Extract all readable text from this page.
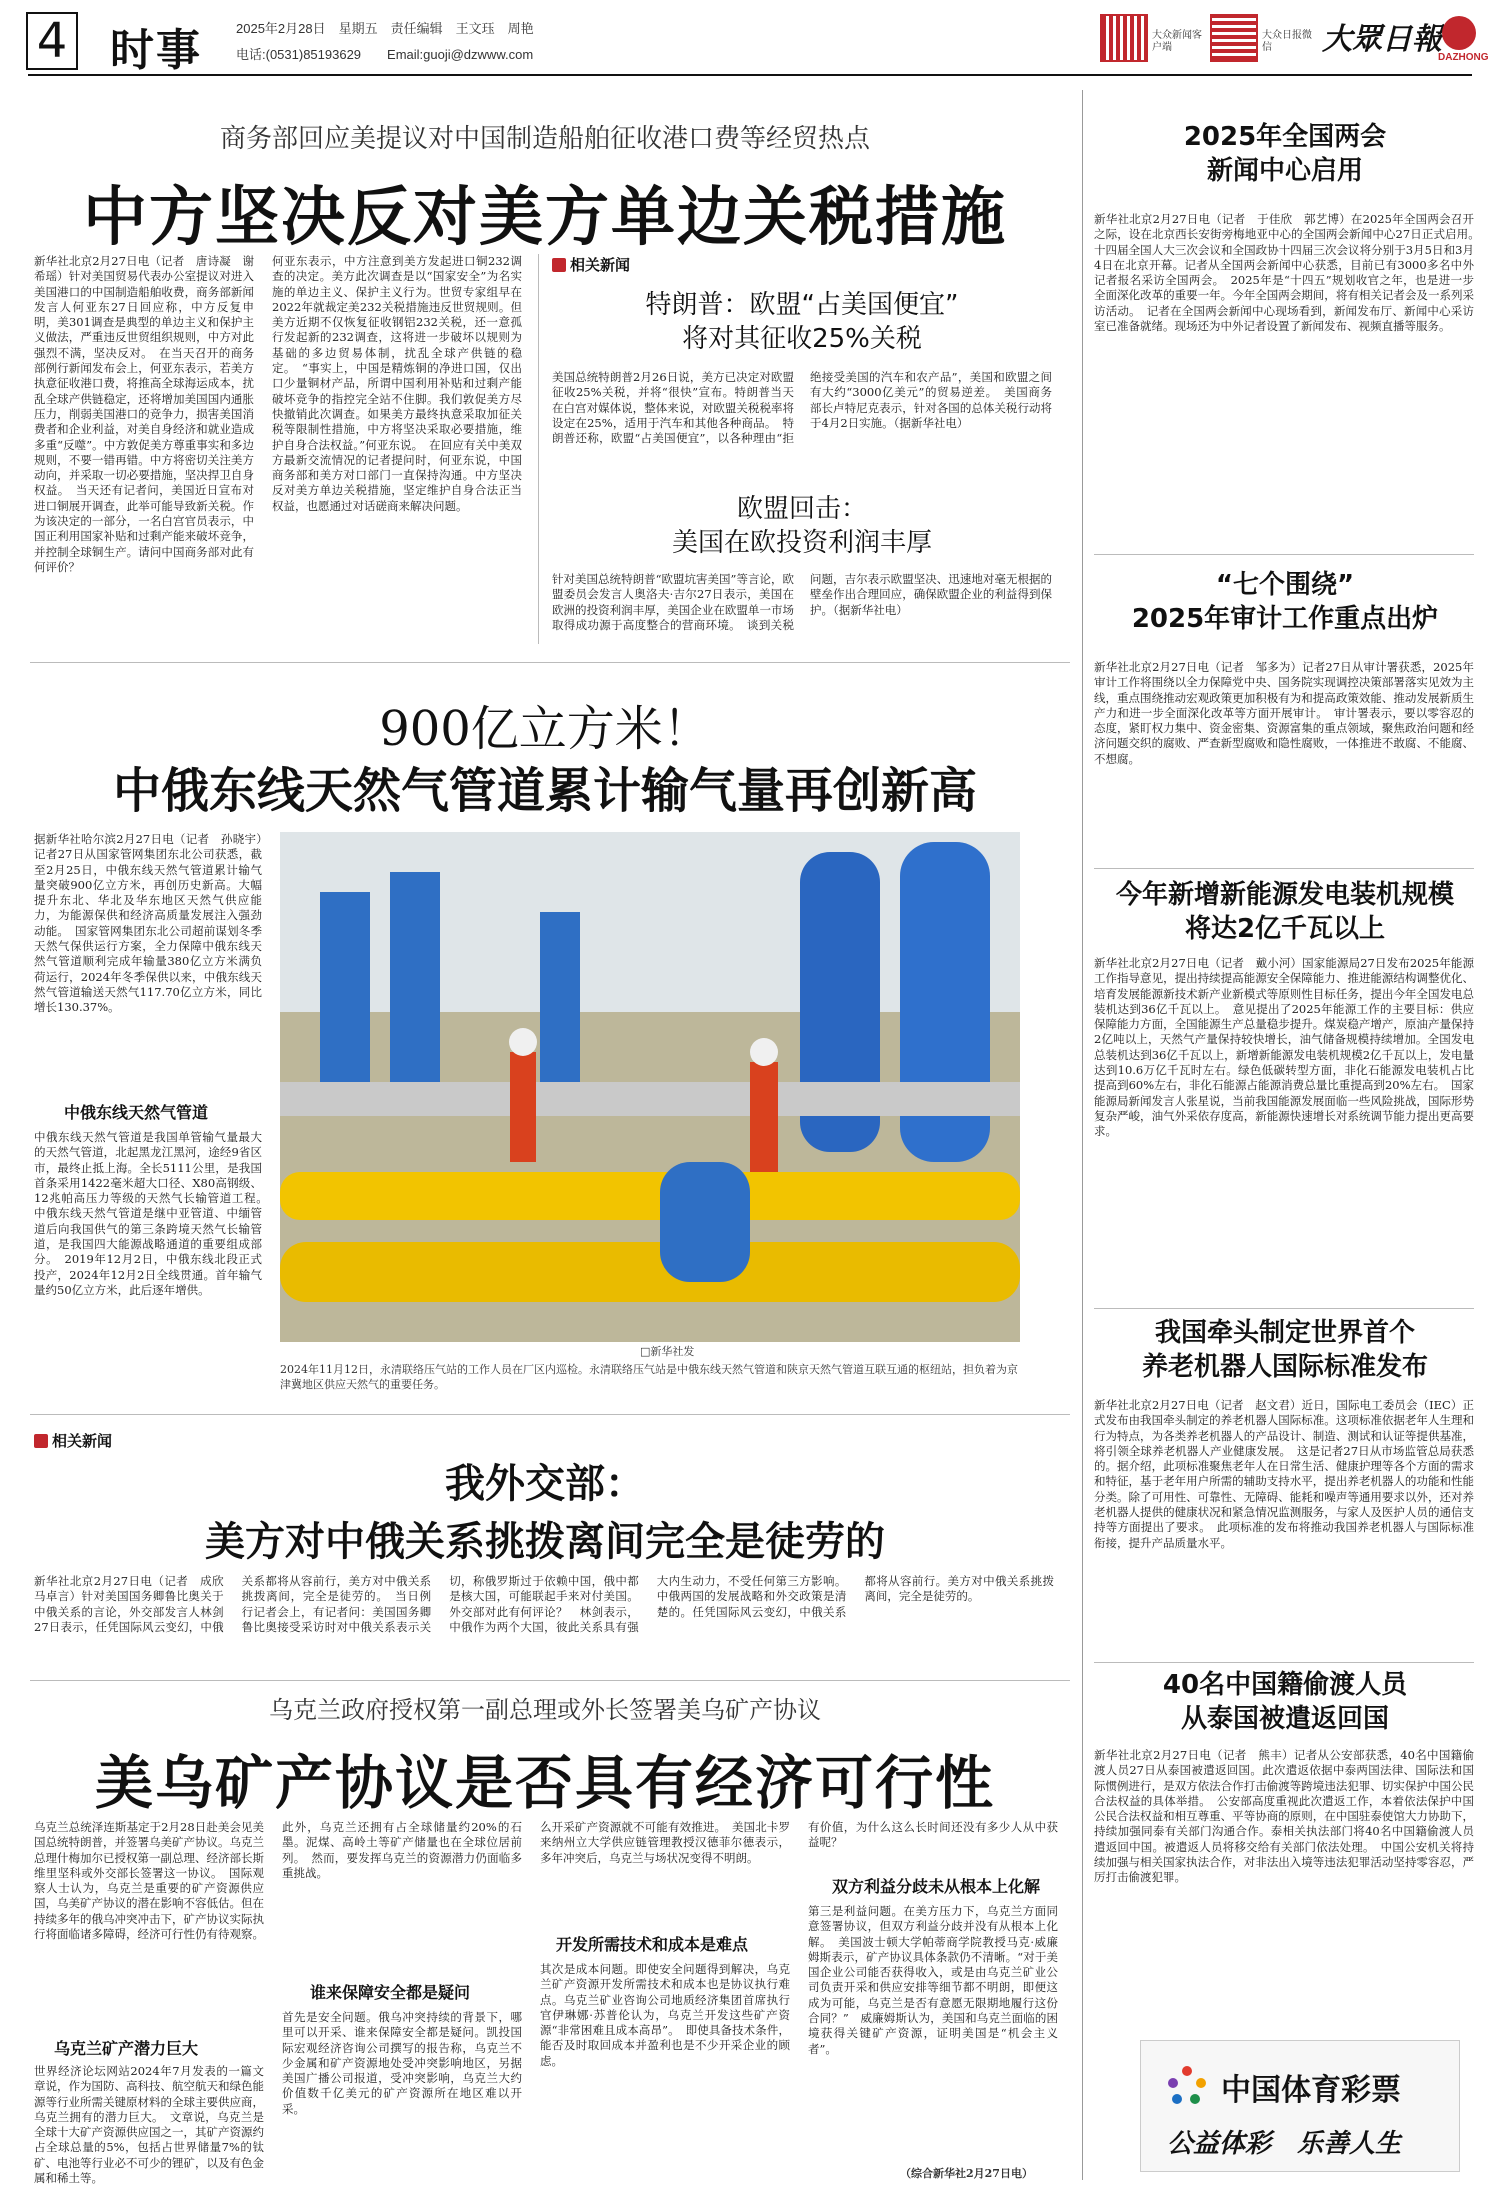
4 时事	2025年2月28日　星期五　责任编辑　王文珏　周艳
电话:(0531)85193629　　Email:guoji@dzwww.com
大众新闻客户端
大众日报微信	大眾日報
DAZHONG
商务部回应美提议对中国制造船舶征收港口费等经贸热点
中方坚决反对美方单边关税措施
新华社北京2月27日电（记者　唐诗凝　谢希瑶）针对美国贸易代表办公室提议对进入美国港口的中国制造船舶收费，商务部新闻发言人何亚东27日回应称，中方反复申明，美301调查是典型的单边主义和保护主义做法，严重违反世贸组织规则，中方对此强烈不满，坚决反对。　在当天召开的商务部例行新闻发布会上，何亚东表示，若美方执意征收港口费，将推高全球海运成本，扰乱全球产供链稳定，还将增加美国国内通胀压力，削弱美国港口的竞争力，损害美国消费者和企业利益，对美自身经济和就业造成多重“反噬”。中方敦促美方尊重事实和多边规则，不要一错再错。中方将密切关注美方动向，并采取一切必要措施，坚决捍卫自身权益。　当天还有记者问，美国近日宣布对进口铜展开调查，此举可能导致新关税。作为该决定的一部分，一名白宫官员表示，中国正利用国家补贴和过剩产能来破坏竞争，并控制全球铜生产。请问中国商务部对此有何评价？
何亚东表示，中方注意到美方发起进口铜232调查的决定。美方此次调查是以“国家安全”为名实施的单边主义、保护主义行为。世贸专家组早在2022年就裁定美232关税措施违反世贸规则。但美方近期不仅恢复征收钢铝232关税，还一意孤行发起新的232调查，这将进一步破坏以规则为基础的多边贸易体制，扰乱全球产供链的稳定。　“事实上，中国是精炼铜的净进口国，仅出口少量铜材产品，所谓中国利用补贴和过剩产能破坏竞争的指控完全站不住脚。我们敦促美方尽快撤销此次调查。如果美方最终执意采取加征关税等限制性措施，中方将坚决采取必要措施，维护自身合法权益。”何亚东说。　在回应有关中美双方最新交流情况的记者提问时，何亚东说，中国商务部和美方对口部门一直保持沟通。中方坚决反对美方单边关税措施，坚定维护自身合法正当权益，也愿通过对话磋商来解决问题。
相关新闻
特朗普：欧盟“占美国便宜”
将对其征收25%关税
美国总统特朗普2月26日说，美方已决定对欧盟征收25%关税，并将“很快”宣布。特朗普当天在白宫对媒体说，整体来说，对欧盟关税税率将设定在25%，适用于汽车和其他各种商品。　特朗普还称，欧盟“占美国便宜”，以各种理由“拒绝接受美国的汽车和农产品”，美国和欧盟之间有大约“3000亿美元”的贸易逆差。　美国商务部长卢特尼克表示，针对各国的总体关税行动将于4月2日实施。（据新华社电）
欧盟回击：
美国在欧投资利润丰厚
针对美国总统特朗普“欧盟坑害美国”等言论，欧盟委员会发言人奥洛夫·吉尔27日表示，美国在欧洲的投资利润丰厚，美国企业在欧盟单一市场取得成功源于高度整合的营商环境。　谈到关税问题，吉尔表示欧盟坚决、迅速地对毫无根据的壁垒作出合理回应，确保欧盟企业的利益得到保护。（据新华社电）
900亿立方米！
中俄东线天然气管道累计输气量再创新高
据新华社哈尔滨2月27日电（记者　孙晓宇）记者27日从国家管网集团东北公司获悉，截至2月25日，中俄东线天然气管道累计输气量突破900亿立方米，再创历史新高。大幅提升东北、华北及华东地区天然气供应能力，为能源保供和经济高质量发展注入强劲动能。　国家管网集团东北公司超前谋划冬季天然气保供运行方案，全力保障中俄东线天然气管道顺利完成年输量380亿立方米满负荷运行，2024年冬季保供以来，中俄东线天然气管道输送天然气117.70亿立方米，同比增长130.37%。
中俄东线天然气管道
中俄东线天然气管道是我国单管输气量最大的天然气管道，北起黑龙江黑河，途经9省区市，最终止抵上海。全长5111公里，是我国首条采用1422毫米超大口径、X80高钢级、12兆帕高压力等级的天然气长输管道工程。　中俄东线天然气管道是继中亚管道、中缅管道后向我国供气的第三条跨境天然气长输管道，是我国四大能源战略通道的重要组成部分。　2019年12月2日，中俄东线北段正式投产，2024年12月2日全线贯通。首年输气量约50亿立方米，此后逐年增供。
□新华社发
2024年11月12日，永清联络压气站的工作人员在厂区内巡检。永清联络压气站是中俄东线天然气管道和陕京天然气管道互联互通的枢纽站，担负着为京津冀地区供应天然气的重要任务。
相关新闻
我外交部：
美方对中俄关系挑拨离间完全是徒劳的
新华社北京2月27日电（记者　成欣　马卓言）针对美国国务卿鲁比奥关于中俄关系的言论，外交部发言人林剑27日表示，任凭国际风云变幻，中俄关系都将从容前行，美方对中俄关系挑拨离间，完全是徒劳的。　当日例行记者会上，有记者问：美国国务卿鲁比奥接受采访时对中俄关系表示关切，称俄罗斯过于依赖中国，俄中都是核大国，可能联起手来对付美国。外交部对此有何评论？　林剑表示，中俄作为两个大国，彼此关系具有强大内生动力，不受任何第三方影响。中俄两国的发展战略和外交政策是清楚的。任凭国际风云变幻，中俄关系都将从容前行。美方对中俄关系挑拨离间，完全是徒劳的。
乌克兰政府授权第一副总理或外长签署美乌矿产协议
美乌矿产协议是否具有经济可行性
乌克兰总统泽连斯基定于2月28日赴美会见美国总统特朗普，并签署乌美矿产协议。乌克兰总理什梅加尔已授权第一副总理、经济部长斯维里坚科或外交部长签署这一协议。　国际观察人士认为，乌克兰是重要的矿产资源供应国，乌美矿产协议的潜在影响不容低估。但在持续多年的俄乌冲突冲击下，矿产协议实际执行将面临诸多障碍，经济可行性仍有待观察。
乌克兰矿产潜力巨大
世界经济论坛网站2024年7月发表的一篇文章说，作为国防、高科技、航空航天和绿色能源等行业所需关键原材料的全球主要供应商，乌克兰拥有的潜力巨大。　文章说，乌克兰是全球十大矿产资源供应国之一，其矿产资源约占全球总量的5%，包括占世界储量7%的钛矿、电池等行业必不可少的锂矿，以及有色金属和稀土等。
此外，乌克兰还拥有占全球储量约20%的石墨。泥煤、高岭土等矿产储量也在全球位居前列。　然而，要发挥乌克兰的资源潜力仍面临多重挑战。
谁来保障安全都是疑问
首先是安全问题。俄乌冲突持续的背景下，哪里可以开采、谁来保障安全都是疑问。凯投国际宏观经济咨询公司撰写的报告称，乌克兰不少金属和矿产资源地处受冲突影响地区，另据美国广播公司报道，受冲突影响，乌克兰大约价值数千亿美元的矿产资源所在地区难以开采。
么开采矿产资源就不可能有效推进。　美国北卡罗来纳州立大学供应链管理教授汉德菲尔德表示，多年冲突后，乌克兰与场状况变得不明朗。
开发所需技术和成本是难点
其次是成本问题。即使安全问题得到解决，乌克兰矿产资源开发所需技术和成本也是协议执行难点。乌克兰矿业咨询公司地质经济集团首席执行官伊琳娜·苏普伦认为，乌克兰开发这些矿产资源“非常困难且成本高昂”。　即使具备技术条件，能否及时取回成本并盈利也是不少开采企业的顾虑。
有价值，为什么这么长时间还没有多少人从中获益呢？
双方利益分歧未从根本上化解
第三是利益问题。在美方压力下，乌克兰方面同意签署协议，但双方利益分歧并没有从根本上化解。　美国波士顿大学帕蒂商学院教授马克·威廉姆斯表示，矿产协议具体条款仍不清晰。“对于美国企业公司能否获得收入，或是由乌克兰矿业公司负责开采和供应安排等细节都不明朗，即便这成为可能，乌克兰是否有意愿无限期地履行这份合同？”　威廉姆斯认为，美国和乌克兰面临的困境获得关键矿产资源，证明美国是“机会主义者”。
（综合新华社2月27日电）
2025年全国两会
新闻中心启用
新华社北京2月27日电（记者　于佳欣　郭艺博）在2025年全国两会召开之际，设在北京西长安街旁梅地亚中心的全国两会新闻中心27日正式启用。　十四届全国人大三次会议和全国政协十四届三次会议将分别于3月5日和3月4日在北京开幕。记者从全国两会新闻中心获悉，目前已有3000多名中外记者报名采访全国两会。　2025年是“十四五”规划收官之年，也是进一步全面深化改革的重要一年。今年全国两会期间，将有相关记者会及一系列采访活动。　记者在全国两会新闻中心现场看到，新闻发布厅、新闻中心采访室已准备就绪。现场还为中外记者设置了新闻发布、视频直播等服务。
“七个围绕”
2025年审计工作重点出炉
新华社北京2月27日电（记者　邹多为）记者27日从审计署获悉，2025年审计工作将围绕以全力保障党中央、国务院实现调控决策部署落实见效为主线，重点围绕推动宏观政策更加积极有为和提高政策效能、推动发展新质生产力和进一步全面深化改革等方面开展审计。　审计署表示，要以零容忍的态度，紧盯权力集中、资金密集、资源富集的重点领域，聚焦政治问题和经济问题交织的腐败、严查新型腐败和隐性腐败，一体推进不敢腐、不能腐、不想腐。
今年新增新能源发电装机规模
将达2亿千瓦以上
新华社北京2月27日电（记者　戴小河）国家能源局27日发布2025年能源工作指导意见，提出持续提高能源安全保障能力、推进能源结构调整优化、培育发展能源新技术新产业新模式等原则性目标任务，提出今年全国发电总装机达到36亿千瓦以上。　意见提出了2025年能源工作的主要目标：供应保障能力方面，全国能源生产总量稳步提升。煤炭稳产增产，原油产量保持2亿吨以上，天然气产量保持较快增长，油气储备规模持续增加。全国发电总装机达到36亿千瓦以上，新增新能源发电装机规模2亿千瓦以上，发电量达到10.6万亿千瓦时左右。绿色低碳转型方面，非化石能源发电装机占比提高到60%左右，非化石能源占能源消费总量比重提高到20%左右。　国家能源局新闻发言人张星说，当前我国能源发展面临一些风险挑战，国际形势复杂严峻，油气外采依存度高，新能源快速增长对系统调节能力提出更高要求。
我国牵头制定世界首个
养老机器人国际标准发布
新华社北京2月27日电（记者　赵文君）近日，国际电工委员会（IEC）正式发布由我国牵头制定的养老机器人国际标准。这项标准依据老年人生理和行为特点，为各类养老机器人的产品设计、制造、测试和认证等提供基准，将引领全球养老机器人产业健康发展。　这是记者27日从市场监管总局获悉的。据介绍，此项标准聚焦老年人在日常生活、健康护理等各个方面的需求和特征，基于老年用户所需的辅助支持水平，提出养老机器人的功能和性能分类。除了可用性、可靠性、无障碍、能耗和噪声等通用要求以外，还对养老机器人提供的健康状况和紧急情况监测服务，与家人及医护人员的通信支持等方面提出了要求。　此项标准的发布将推动我国养老机器人与国际标准衔接，提升产品质量水平。
40名中国籍偷渡人员
从泰国被遣返回国
新华社北京2月27日电（记者　熊丰）记者从公安部获悉，40名中国籍偷渡人员27日从泰国被遣返回国。此次遣返依据中泰两国法律、国际法和国际惯例进行，是双方依法合作打击偷渡等跨境违法犯罪、切实保护中国公民合法权益的具体举措。　公安部高度重视此次遣返工作，本着依法保护中国公民合法权益和相互尊重、平等协商的原则，在中国驻泰使馆大力协助下，持续加强同泰有关部门沟通合作。泰相关执法部门将40名中国籍偷渡人员遣返回中国。被遣返人员将移交给有关部门依法处理。　中国公安机关将持续加强与相关国家执法合作，对非法出入境等违法犯罪活动坚持零容忍，严厉打击偷渡犯罪。
中国体育彩票
公益体彩　乐善人生
